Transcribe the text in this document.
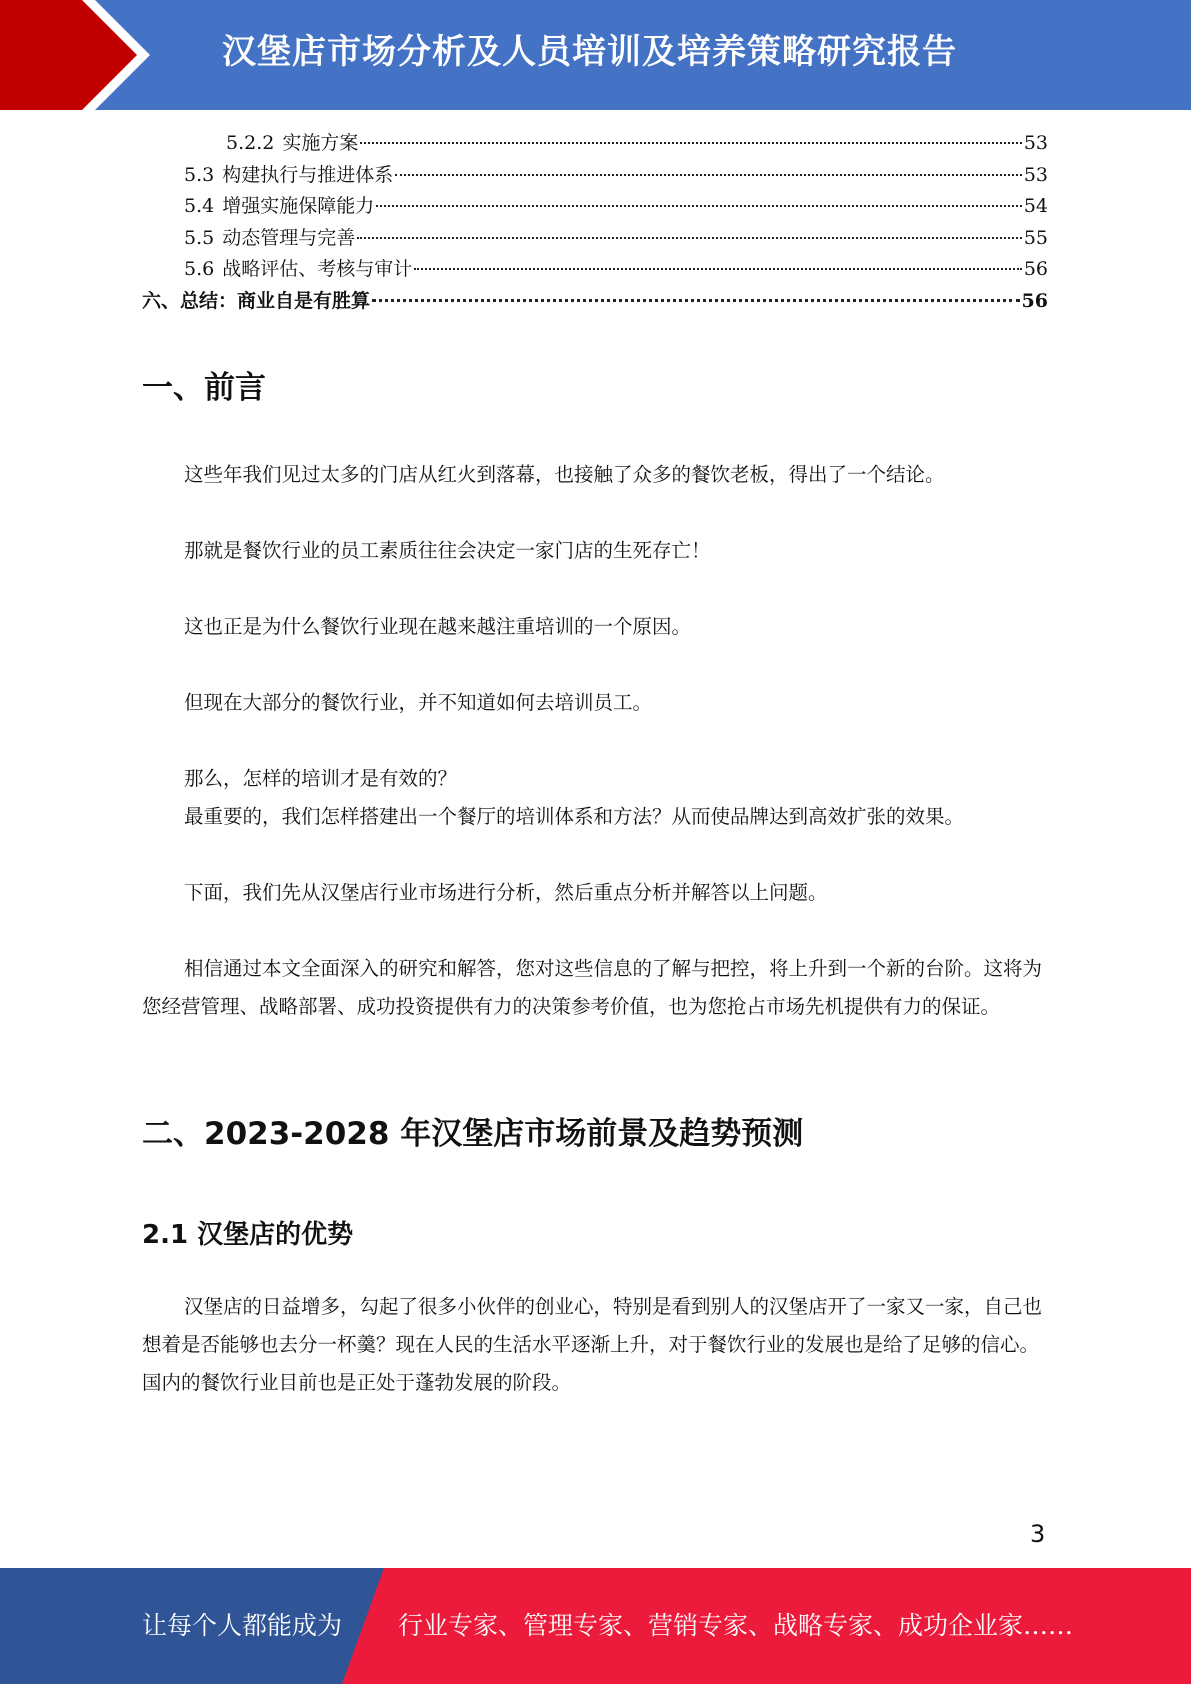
汉堡店市场分析及人员培训及培养策略研究报告
5.2.2 实施方案	53
5.3 构建执行与推进体系	53
5.4 增强实施保障能力	54
5.5 动态管理与完善	55
5.6 战略评估、考核与审计	56
六、总结：商业自是有胜算	56
一、前言

这些年我们见过太多的门店从红火到落幕，也接触了众多的餐饮老板，得出了一个结论。

那就是餐饮行业的员工素质往往会决定一家门店的生死存亡！

这也正是为什么餐饮行业现在越来越注重培训的一个原因。

但现在大部分的餐饮行业，并不知道如何去培训员工。

那么，怎样的培训才是有效的？

最重要的，我们怎样搭建出一个餐厅的培训体系和方法？从而使品牌达到高效扩张的效果。

下面，我们先从汉堡店行业市场进行分析，然后重点分析并解答以上问题。

相信通过本文全面深入的研究和解答，您对这些信息的了解与把控，将上升到一个新的台阶。这将为您经营管理、战略部署、成功投资提供有力的决策参考价值，也为您抢占市场先机提供有力的保证。

二、2023-2028 年汉堡店市场前景及趋势预测
2.1 汉堡店的优势

汉堡店的日益增多，勾起了很多小伙伴的创业心，特别是看到别人的汉堡店开了一家又一家，自己也想着是否能够也去分一杯羹？现在人民的生活水平逐渐上升，对于餐饮行业的发展也是给了足够的信心。国内的餐饮行业目前也是正处于蓬勃发展的阶段。

3
让每个人都能成为 行业专家、管理专家、营销专家、战略专家、成功企业家……
